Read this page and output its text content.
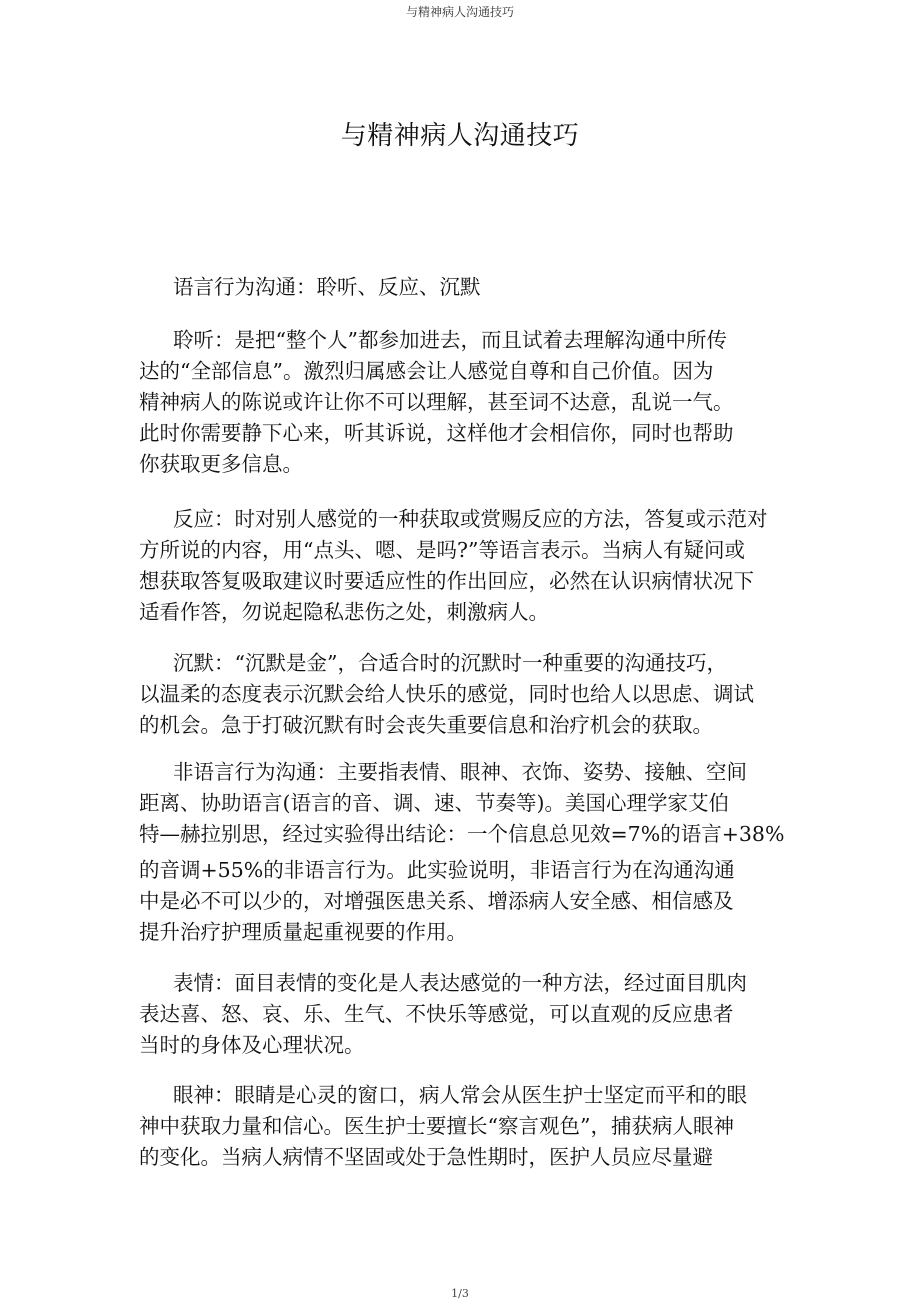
与精神病人沟通技巧
与精神病人沟通技巧

语言行为沟通：聆听、反应、沉默

聆听：是把“整个人”都参加进去，而且试着去理解沟通中所传
达的“全部信息”。激烈归属感会让人感觉自尊和自己价值。因为
精神病人的陈说或许让你不可以理解，甚至词不达意，乱说一气。
此时你需要静下心来，听其诉说，这样他才会相信你，同时也帮助
你获取更多信息。

反应：时对别人感觉的一种获取或赏赐反应的方法，答复或示范对
方所说的内容，用“点头、嗯、是吗?”等语言表示。当病人有疑问或
想获取答复吸取建议时要适应性的作出回应，必然在认识病情状况下
适看作答，勿说起隐私悲伤之处，刺激病人。

沉默：“沉默是金”，合适合时的沉默时一种重要的沟通技巧，
以温柔的态度表示沉默会给人快乐的感觉，同时也给人以思虑、调试
的机会。急于打破沉默有时会丧失重要信息和治疗机会的获取。

非语言行为沟通：主要指表情、眼神、衣饰、姿势、接触、空间
距离、协助语言(语言的音、调、速、节奏等)。美国心理学家艾伯
特—赫拉别思，经过实验得出结论：一个信息总见效=7%的语言+38%

的音调+55%的非语言行为。此实验说明，非语言行为在沟通沟通
中是必不可以少的，对增强医患关系、增添病人安全感、相信感及
提升治疗护理质量起重视要的作用。

表情：面目表情的变化是人表达感觉的一种方法，经过面目肌肉
表达喜、怒、哀、乐、生气、不快乐等感觉，可以直观的反应患者
当时的身体及心理状况。

眼神：眼睛是心灵的窗口，病人常会从医生护士坚定而平和的眼
神中获取力量和信心。医生护士要擅长“察言观色”，捕获病人眼神
的变化。当病人病情不坚固或处于急性期时，医护人员应尽量避

1/3
